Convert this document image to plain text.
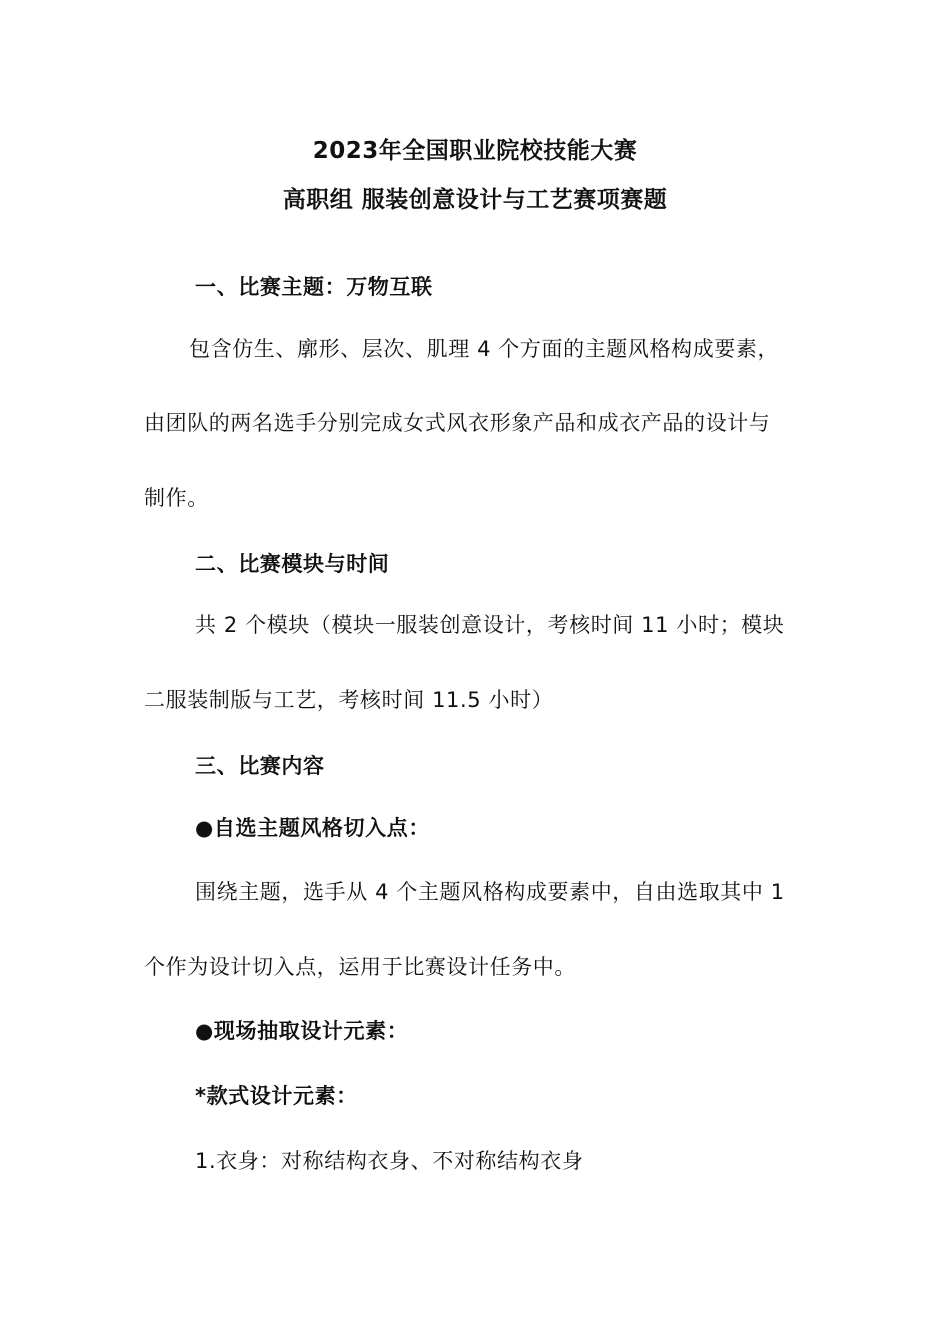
2023年全国职业院校技能大赛
高职组 服装创意设计与工艺赛项赛题
一、比赛主题：万物互联
包含仿生、廓形、层次、肌理 4 个方面的主题风格构成要素，
由团队的两名选手分别完成女式风衣形象产品和成衣产品的设计与
制作。
二、比赛模块与时间
共 2 个模块（模块一服装创意设计，考核时间 11 小时；模块
二服装制版与工艺，考核时间 11.5 小时）
三、比赛内容
●自选主题风格切入点：
围绕主题，选手从 4 个主题风格构成要素中，自由选取其中 1
个作为设计切入点，运用于比赛设计任务中。
●现场抽取设计元素：
*款式设计元素：
1.衣身：对称结构衣身、不对称结构衣身
